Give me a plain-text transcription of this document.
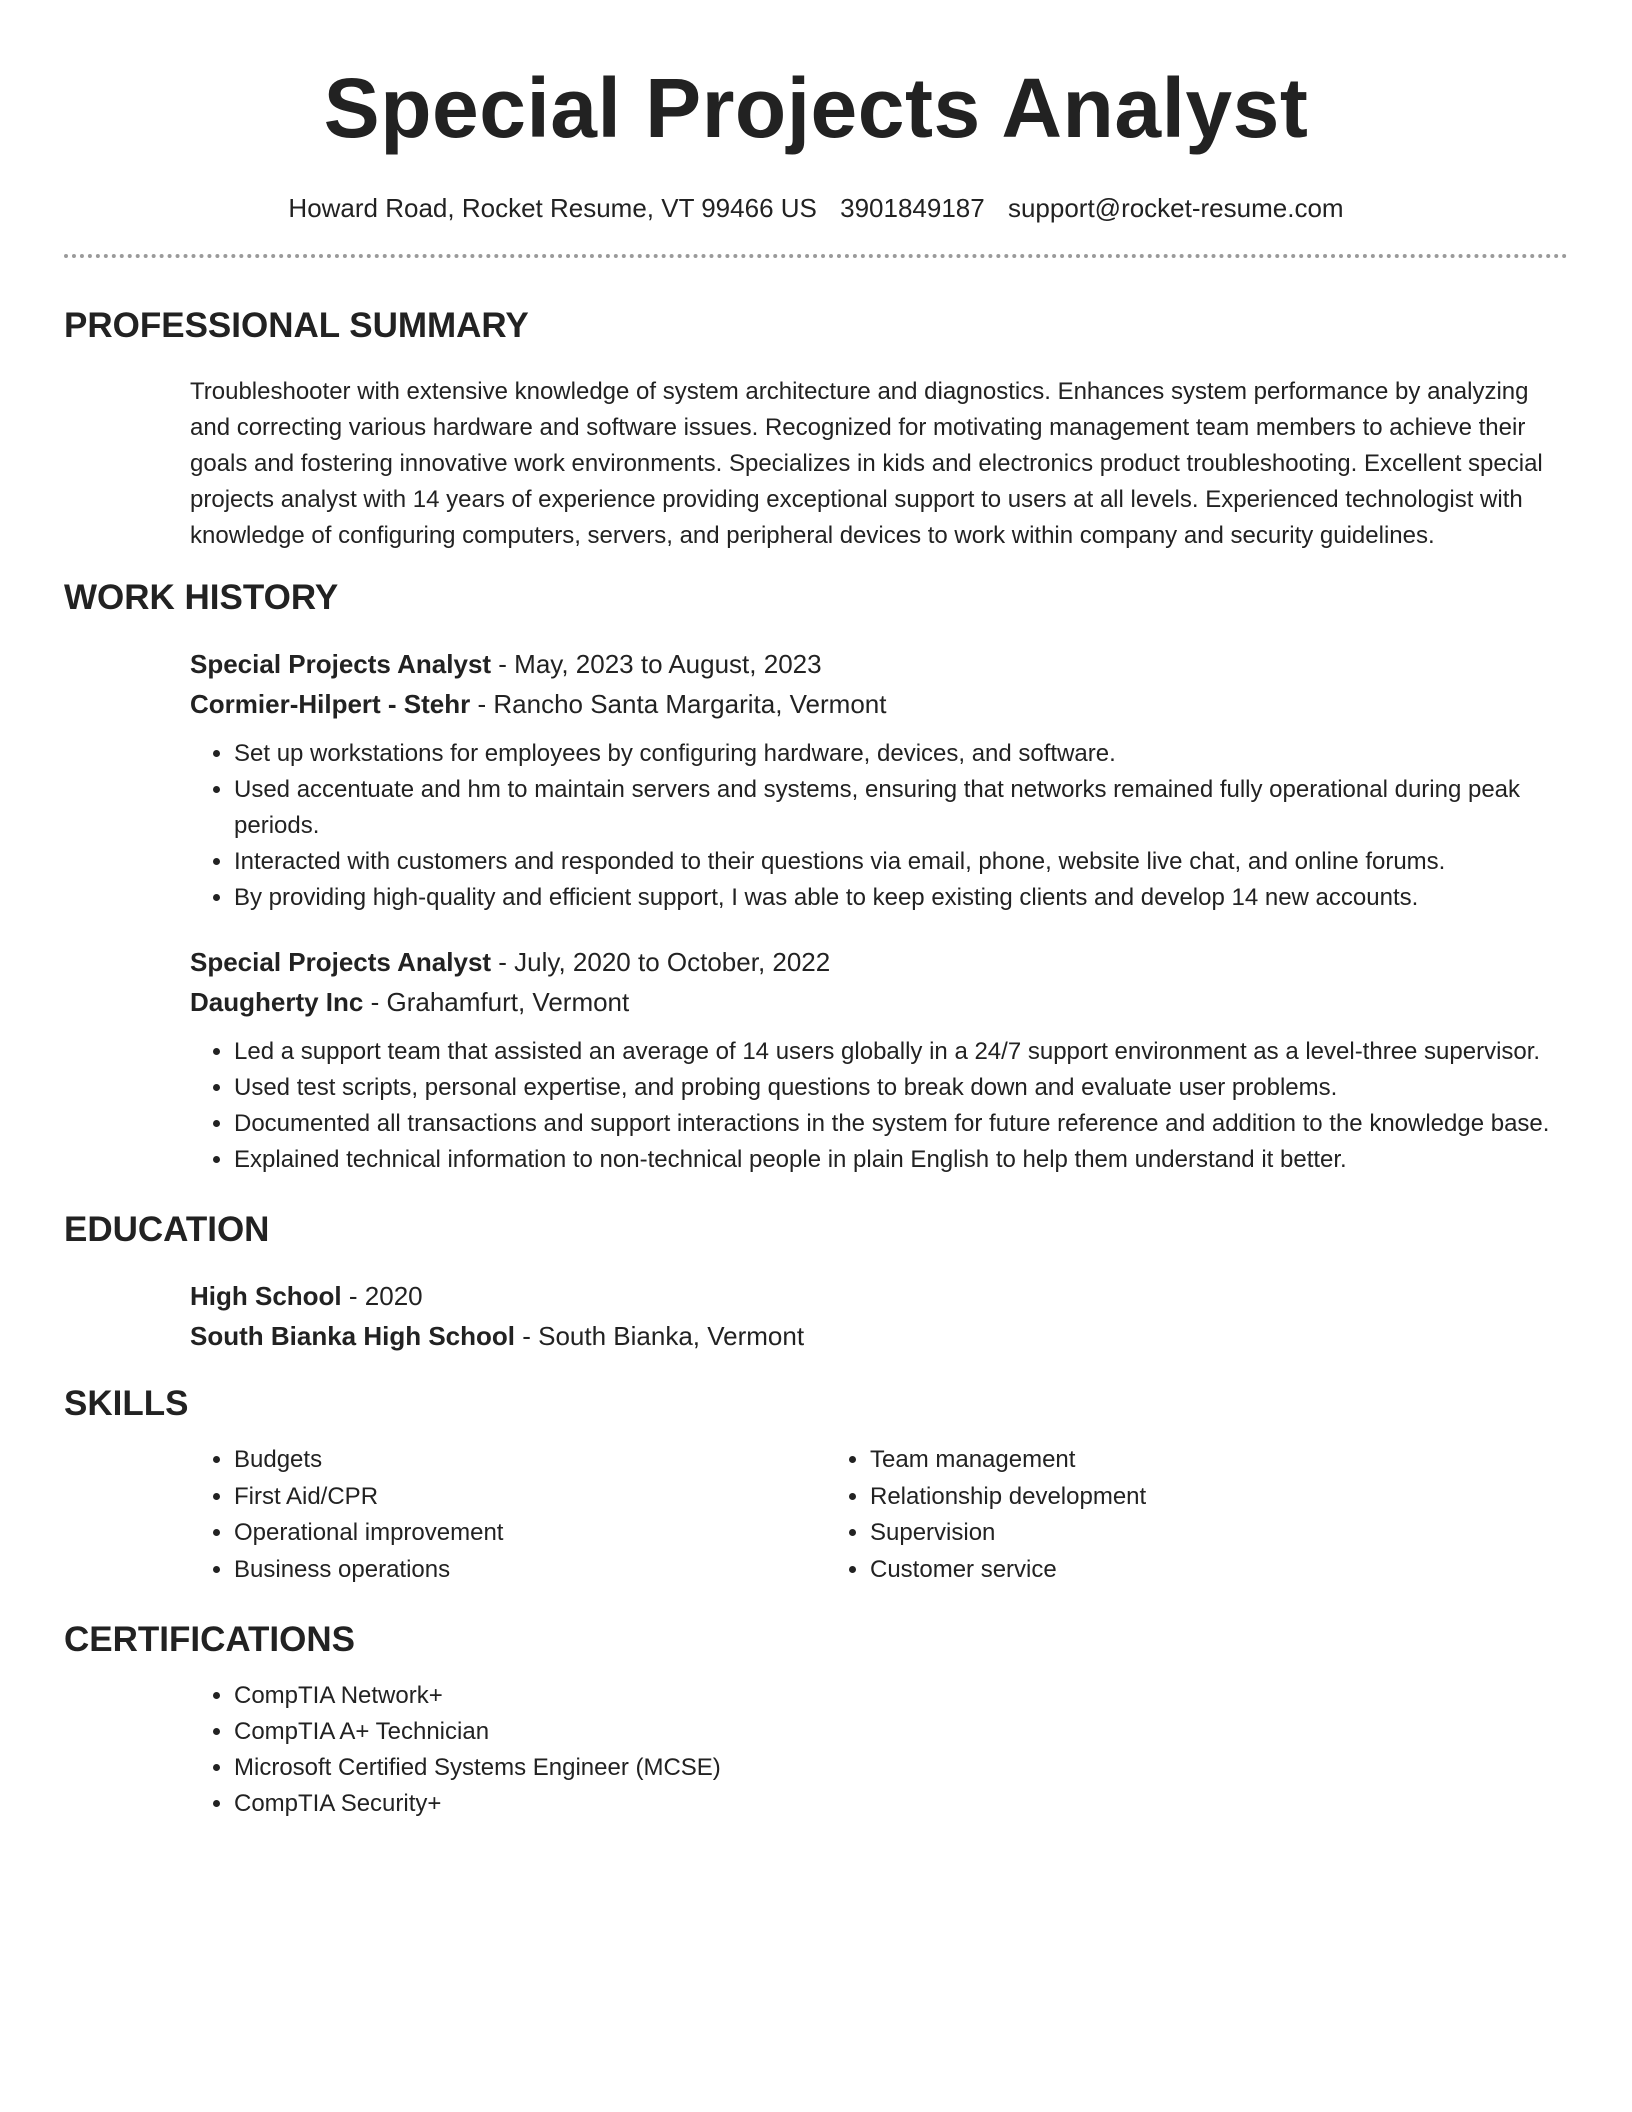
Special Projects Analyst
Howard Road, Rocket Resume, VT 99466 US 3901849187 support@rocket-resume.com
PROFESSIONAL SUMMARY
Troubleshooter with extensive knowledge of system architecture and diagnostics. Enhances system performance by analyzing and correcting various hardware and software issues. Recognized for motivating management team members to achieve their goals and fostering innovative work environments. Specializes in kids and electronics product troubleshooting. Excellent special projects analyst with 14 years of experience providing exceptional support to users at all levels. Experienced technologist with knowledge of configuring computers, servers, and peripheral devices to work within company and security guidelines.
WORK HISTORY
Special Projects Analyst - May, 2023 to August, 2023
Cormier-Hilpert - Stehr - Rancho Santa Margarita, Vermont
• Set up workstations for employees by configuring hardware, devices, and software.
• Used accentuate and hm to maintain servers and systems, ensuring that networks remained fully operational during peak periods.
• Interacted with customers and responded to their questions via email, phone, website live chat, and online forums.
• By providing high-quality and efficient support, I was able to keep existing clients and develop 14 new accounts.
Special Projects Analyst - July, 2020 to October, 2022
Daugherty Inc - Grahamfurt, Vermont
• Led a support team that assisted an average of 14 users globally in a 24/7 support environment as a level-three supervisor.
• Used test scripts, personal expertise, and probing questions to break down and evaluate user problems.
• Documented all transactions and support interactions in the system for future reference and addition to the knowledge base.
• Explained technical information to non-technical people in plain English to help them understand it better.
EDUCATION
High School - 2020
South Bianka High School - South Bianka, Vermont
SKILLS
• Budgets
• First Aid/CPR
• Operational improvement
• Business operations
• Team management
• Relationship development
• Supervision
• Customer service
CERTIFICATIONS
• CompTIA Network+
• CompTIA A+ Technician
• Microsoft Certified Systems Engineer (MCSE)
• CompTIA Security+
